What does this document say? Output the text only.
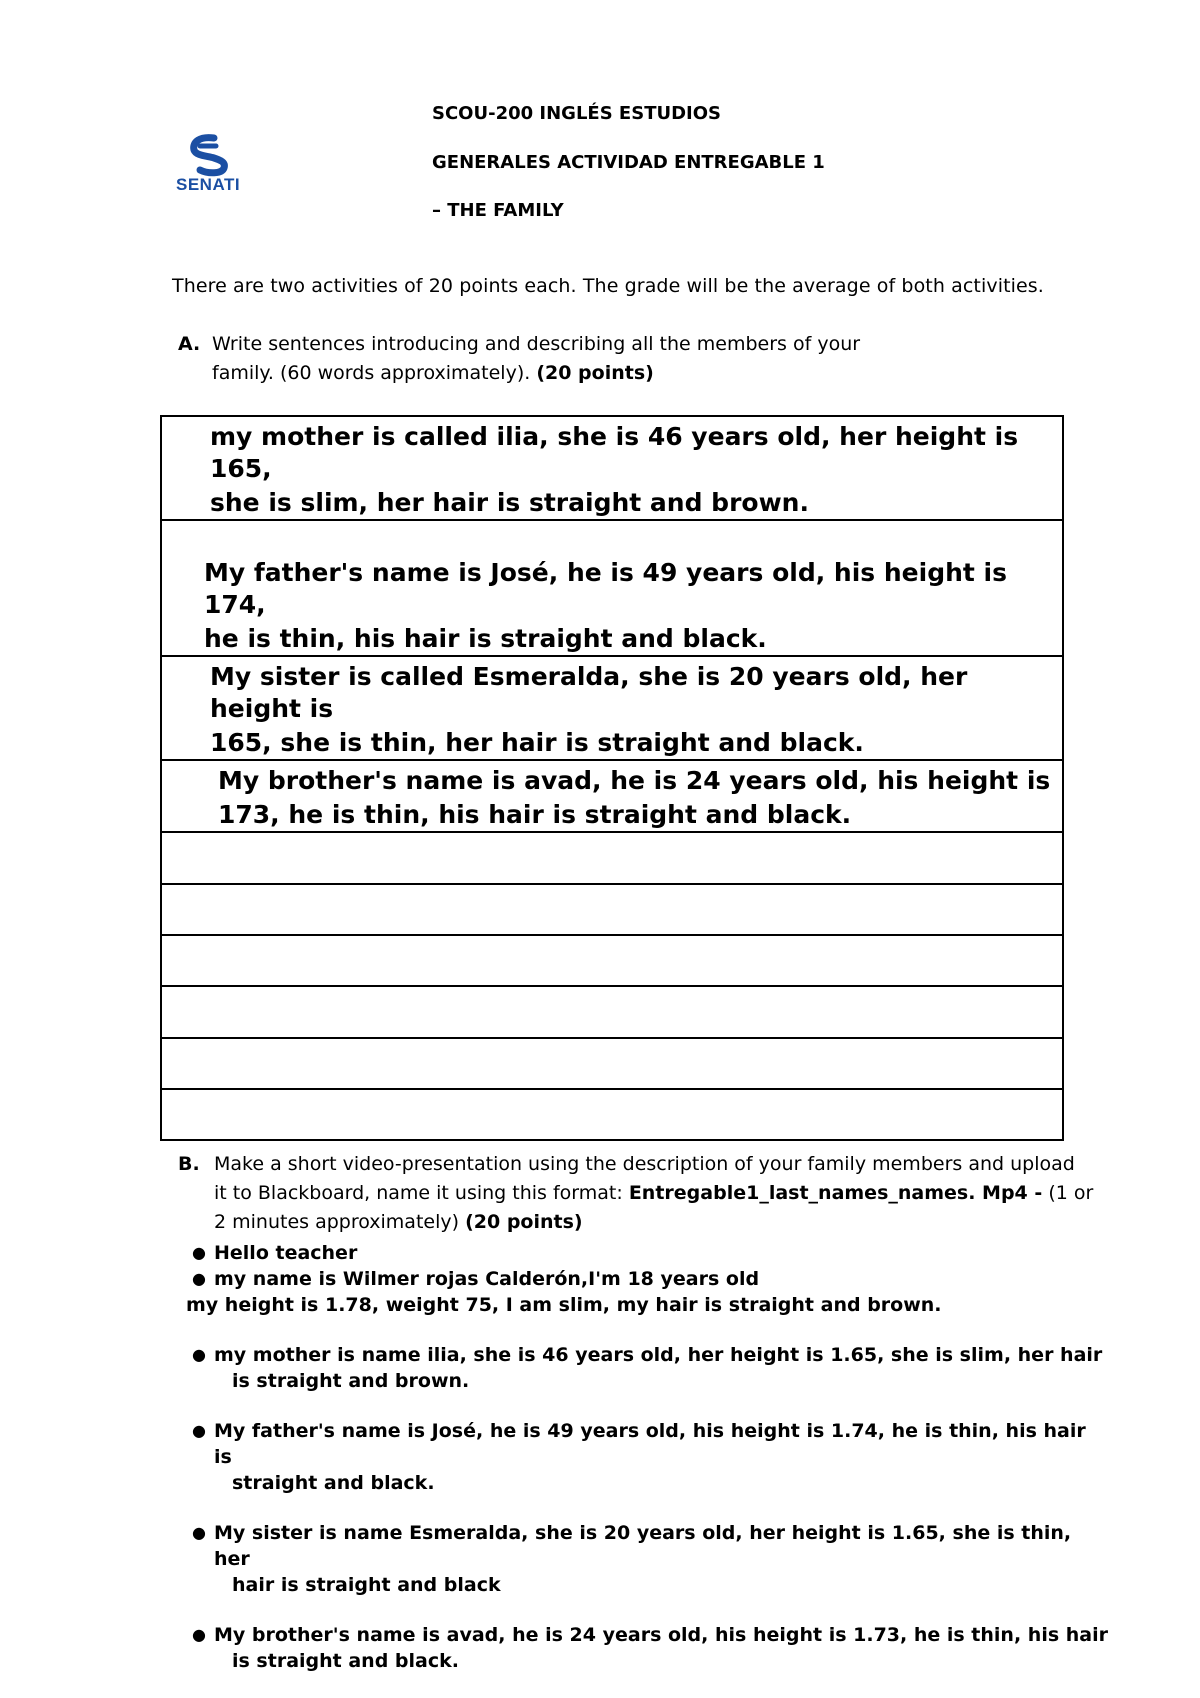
SENATI
SCOU-200 INGLÉS ESTUDIOS
GENERALES ACTIVIDAD ENTREGABLE 1
– THE FAMILY
There are two activities of 20 points each. The grade will be the average of both activities.
A. Write sentences introducing and describing all the members of your
family. (60 words approximately). (20 points)
my mother is called ilia, she is 46 years old, her height is 165,
she is slim, her hair is straight and brown.

My father's name is José, he is 49 years old, his height is 174,
he is thin, his hair is straight and black.

My sister is called Esmeralda, she is 20 years old, her height is
165, she is thin, her hair is straight and black.

My brother's name is avad, he is 24 years old, his height is
173, he is thin, his hair is straight and black.

B. Make a short video-presentation using the description of your family members and upload
it to Blackboard, name it using this format: Entregable1_last_names_names. Mp4 - (1 or
2 minutes approximately) (20 points)
● Hello teacher
● my name is Wilmer rojas Calderón,I'm 18 years old
my height is 1.78, weight 75, I am slim, my hair is straight and brown.
● my mother is name ilia, she is 46 years old, her height is 1.65, she is slim, her hair
is straight and brown.
● My father's name is José, he is 49 years old, his height is 1.74, he is thin, his hair is
straight and black.
● My sister is name Esmeralda, she is 20 years old, her height is 1.65, she is thin, her
hair is straight and black
● My brother's name is avad, he is 24 years old, his height is 1.73, he is thin, his hair
is straight and black.
